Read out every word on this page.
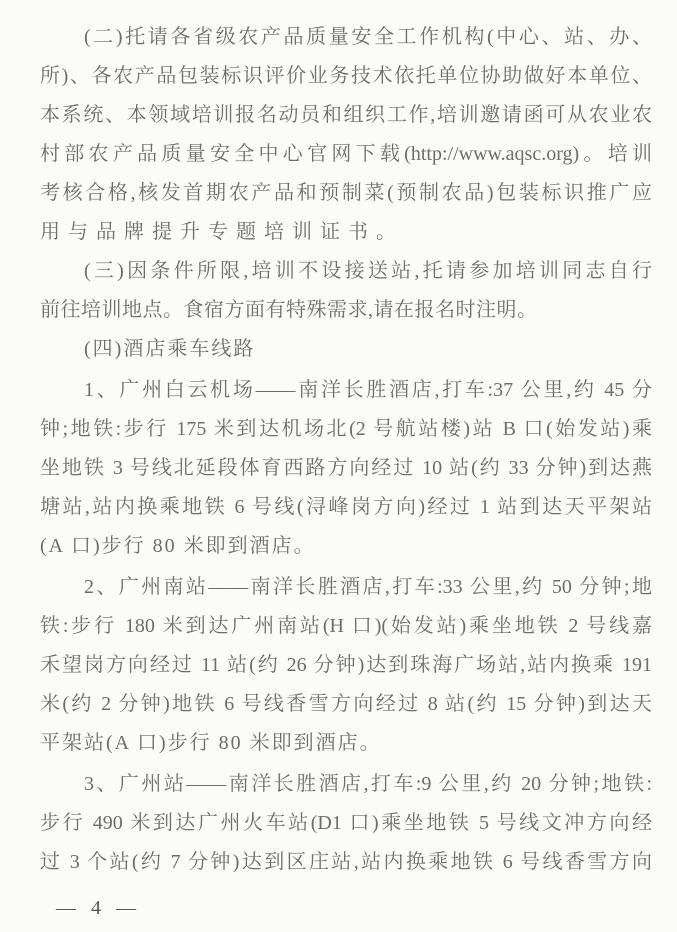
(二)托请各省级农产品质量安全工作机构(中心、站、办、
所)、各农产品包装标识评价业务技术依托单位协助做好本单位、
本系统、本领域培训报名动员和组织工作,培训邀请函可从农业农
村部农产品质量安全中心官网下载(http://www.aqsc.org)。培训
考核合格,核发首期农产品和预制菜(预制农品)包装标识推广应
用与品牌提升专题培训证书。
(三)因条件所限,培训不设接送站,托请参加培训同志自行
前往培训地点。食宿方面有特殊需求,请在报名时注明。
(四)酒店乘车线路
1、广州白云机场——南洋长胜酒店,打车:37 公里,约 45 分
钟;地铁:步行 175 米到达机场北(2 号航站楼)站 B 口(始发站)乘
坐地铁 3 号线北延段体育西路方向经过 10 站(约 33 分钟)到达燕
塘站,站内换乘地铁 6 号线(浔峰岗方向)经过 1 站到达天平架站
(A 口)步行 80 米即到酒店。
2、广州南站——南洋长胜酒店,打车:33 公里,约 50 分钟;地
铁:步行 180 米到达广州南站(H 口)(始发站)乘坐地铁 2 号线嘉
禾望岗方向经过 11 站(约 26 分钟)达到珠海广场站,站内换乘 191
米(约 2 分钟)地铁 6 号线香雪方向经过 8 站(约 15 分钟)到达天
平架站(A 口)步行 80 米即到酒店。
3、广州站——南洋长胜酒店,打车:9 公里,约 20 分钟;地铁:
步行 490 米到达广州火车站(D1 口)乘坐地铁 5 号线文冲方向经
过 3 个站(约 7 分钟)达到区庄站,站内换乘地铁 6 号线香雪方向
— 4 —
